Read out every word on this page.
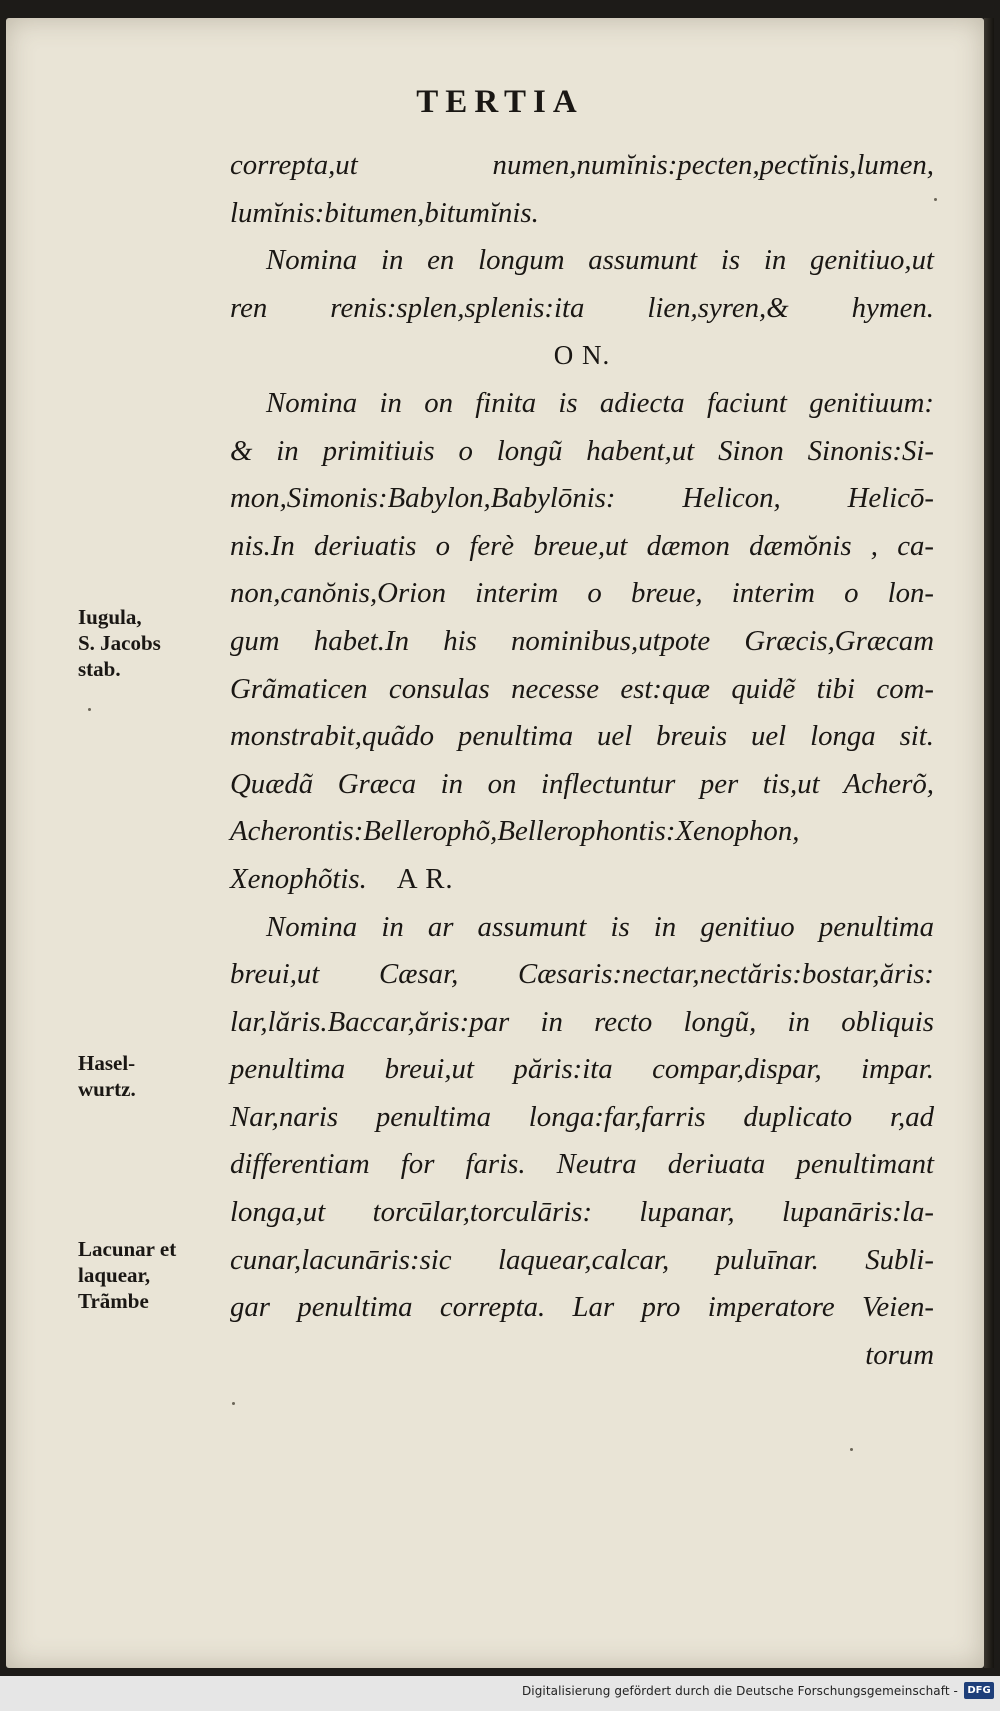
TERTIA
correpta,ut numen,numĭnis:pecten,pectĭnis,lumen,
lumĭnis:bitumen,bitumĭnis.
Nomina in en longum assumunt is in genitiuo,ut
ren renis:splen,splenis:ita lien,syren,& hymen.
O N.
Nomina in on finita is adiecta faciunt genitiuum:
& in primitiuis o longũ habent,ut Sinon Sinonis:Si-
mon,Simonis:Babylon,Babylōnis: Helicon, Helicō-
nis.In deriuatis o ferè breue,ut dæmon dæmŏnis , ca-
non,canŏnis,Orion interim o breue, interim o lon-
gum habet.In his nominibus,utpote Græcis,Græcam
Grãmaticen consulas necesse est:quæ quidẽ tibi com-
monstrabit,quãdo penultima uel breuis uel longa sit.
Quædã Græca in on inflectuntur per tis,ut Acherõ,
Acherontis:Bellerophõ,Bellerophontis:Xenophon,
Xenophõtis. A R.
Nomina in ar assumunt is in genitiuo penultima
breui,ut Cæsar, Cæsaris:nectar,nectăris:bostar,ăris:
lar,lăris.Baccar,ăris:par in recto longũ, in obliquis
penultima breui,ut păris:ita compar,dispar, impar.
Nar,naris penultima longa:far,farris duplicato r,ad
differentiam for faris. Neutra deriuata penultimant
longa,ut torcūlar,torculāris: lupanar, lupanāris:la-
cunar,lacunāris:sic laquear,calcar, puluīnar. Subli-
gar penultima correpta. Lar pro imperatore Veien-
torum
Iugula,
S. Jacobs
stab.
Hasel-
wurtz.
Lacunar et
laquear,
Trãmbe
Digitalisierung gefördert durch die Deutsche Forschungsgemeinschaft - DFG
